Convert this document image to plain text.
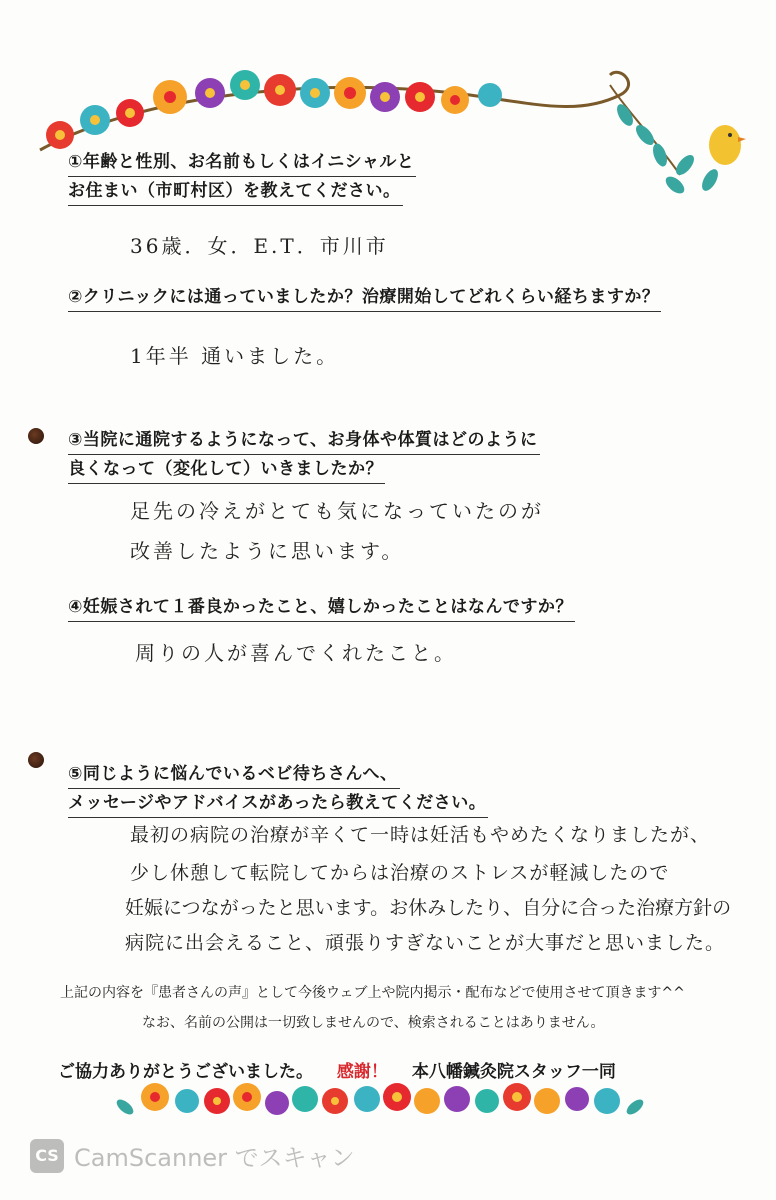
①年齢と性別、お名前もしくはイニシャルと
お住まい（市町村区）を教えてください。
36歳．女．E.T．市川市
②クリニックには通っていましたか？治療開始してどれくらい経ちますか？
1年半 通いました。
③当院に通院するようになって、お身体や体質はどのように
良くなって（変化して）いきましたか？
足先の冷えがとても気になっていたのが
改善したように思います。
④妊娠されて１番良かったこと、嬉しかったことはなんですか？
周りの人が喜んでくれたこと。
⑤同じように悩んでいるベビ待ちさんへ、
メッセージやアドバイスがあったら教えてください。
最初の病院の治療が辛くて一時は妊活もやめたくなりましたが、
少し休憩して転院してからは治療のストレスが軽減したので
妊娠につながったと思います。お休みしたり、自分に合った治療方針の
病院に出会えること、頑張りすぎないことが大事だと思いました。
上記の内容を『患者さんの声』として今後ウェブ上や院内掲示・配布などで使用させて頂きます^^
なお、名前の公開は一切致しませんので、検索されることはありません。
ご協力ありがとうございました。 感謝！ 本八幡鍼灸院スタッフ一同
CS CamScanner でスキャン
